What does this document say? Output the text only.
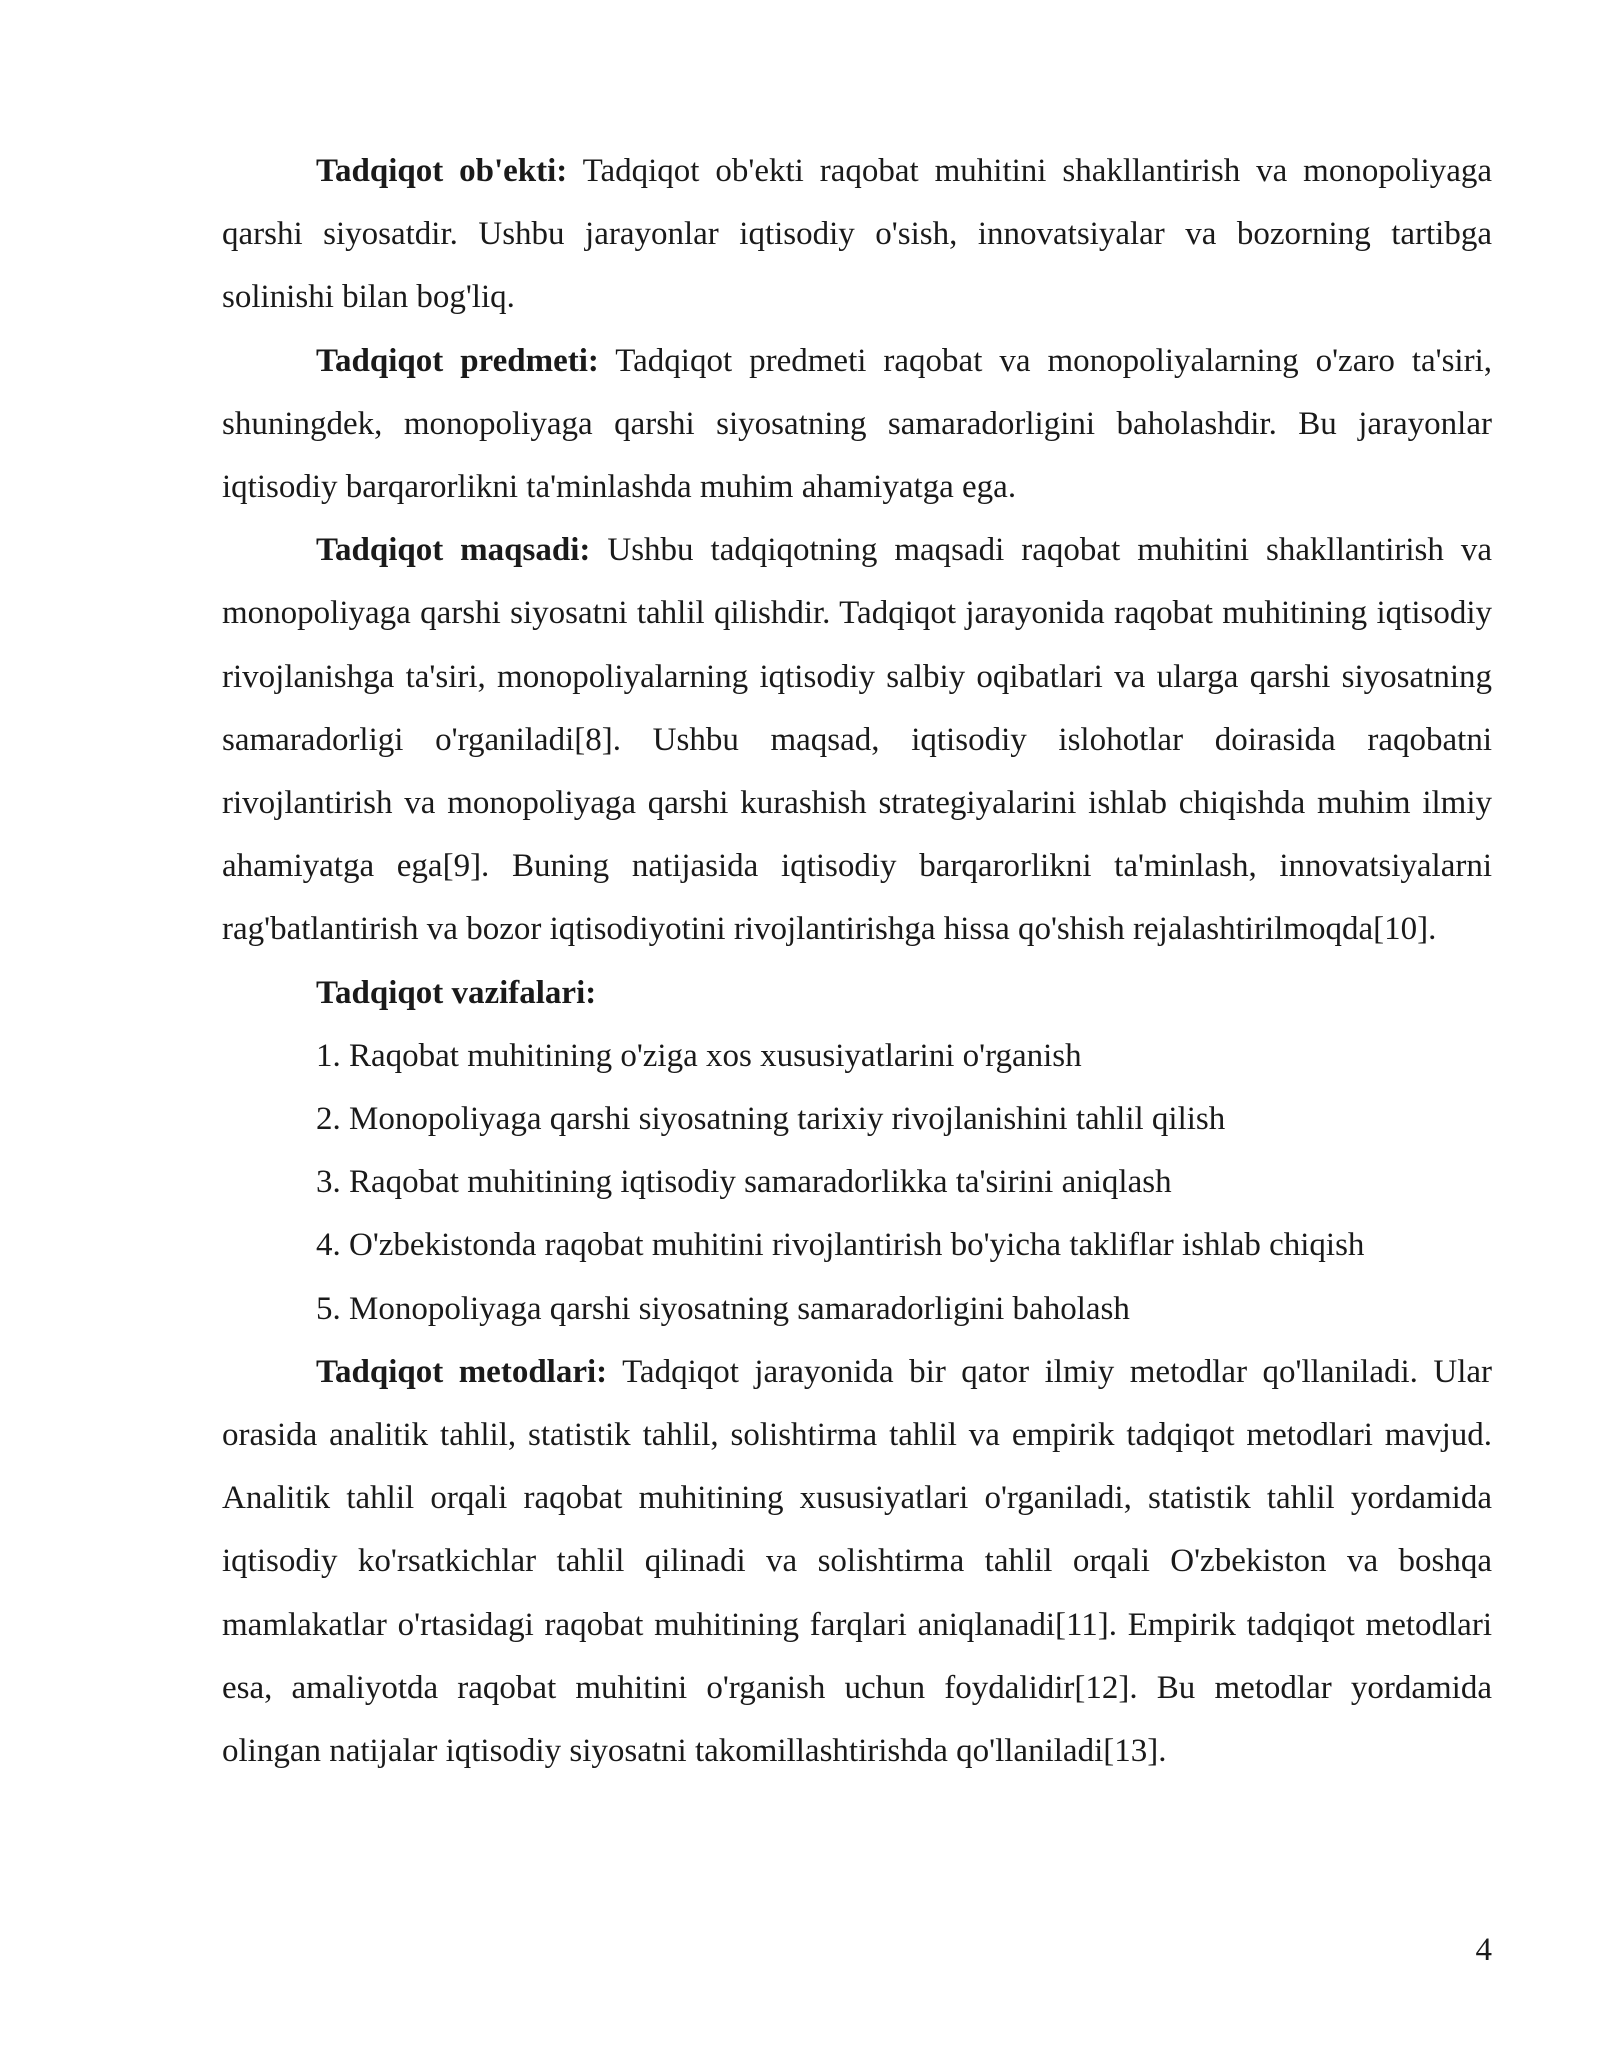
Tadqiqot ob'ekti: Tadqiqot ob'ekti raqobat muhitini shakllantirish va monopoliyaga qarshi siyosatdir. Ushbu jarayonlar iqtisodiy o'sish, innovatsiyalar va bozorning tartibga solinishi bilan bog'liq.

Tadqiqot predmeti: Tadqiqot predmeti raqobat va monopoliyalarning o'zaro ta'siri, shuningdek, monopoliyaga qarshi siyosatning samaradorligini baholashdir. Bu jarayonlar iqtisodiy barqarorlikni ta'minlashda muhim ahamiyatga ega.

Tadqiqot maqsadi: Ushbu tadqiqotning maqsadi raqobat muhitini shakllantirish va monopoliyaga qarshi siyosatni tahlil qilishdir. Tadqiqot jarayonida raqobat muhitining iqtisodiy rivojlanishga ta'siri, monopoliyalarning iqtisodiy salbiy oqibatlari va ularga qarshi siyosatning samaradorligi o'rganiladi[8]. Ushbu maqsad, iqtisodiy islohotlar doirasida raqobatni rivojlantirish va monopoliyaga qarshi kurashish strategiyalarini ishlab chiqishda muhim ilmiy ahamiyatga ega[9]. Buning natijasida iqtisodiy barqarorlikni ta'minlash, innovatsiyalarni rag'batlantirish va bozor iqtisodiyotini rivojlantirishga hissa qo'shish rejalashtirilmoqda[10].

Tadqiqot vazifalari:

1. Raqobat muhitining o'ziga xos xususiyatlarini o'rganish
2. Monopoliyaga qarshi siyosatning tarixiy rivojlanishini tahlil qilish
3. Raqobat muhitining iqtisodiy samaradorlikka ta'sirini aniqlash
4. O'zbekistonda raqobat muhitini rivojlantirish bo'yicha takliflar ishlab chiqish
5. Monopoliyaga qarshi siyosatning samaradorligini baholash

Tadqiqot metodlari: Tadqiqot jarayonida bir qator ilmiy metodlar qo'llaniladi. Ular orasida analitik tahlil, statistik tahlil, solishtirma tahlil va empirik tadqiqot metodlari mavjud. Analitik tahlil orqali raqobat muhitining xususiyatlari o'rganiladi, statistik tahlil yordamida iqtisodiy ko'rsatkichlar tahlil qilinadi va solishtirma tahlil orqali O'zbekiston va boshqa mamlakatlar o'rtasidagi raqobat muhitining farqlari aniqlanadi[11]. Empirik tadqiqot metodlari esa, amaliyotda raqobat muhitini o'rganish uchun foydalidir[12]. Bu metodlar yordamida olingan natijalar iqtisodiy siyosatni takomillashtirishda qo'llaniladi[13].

4
